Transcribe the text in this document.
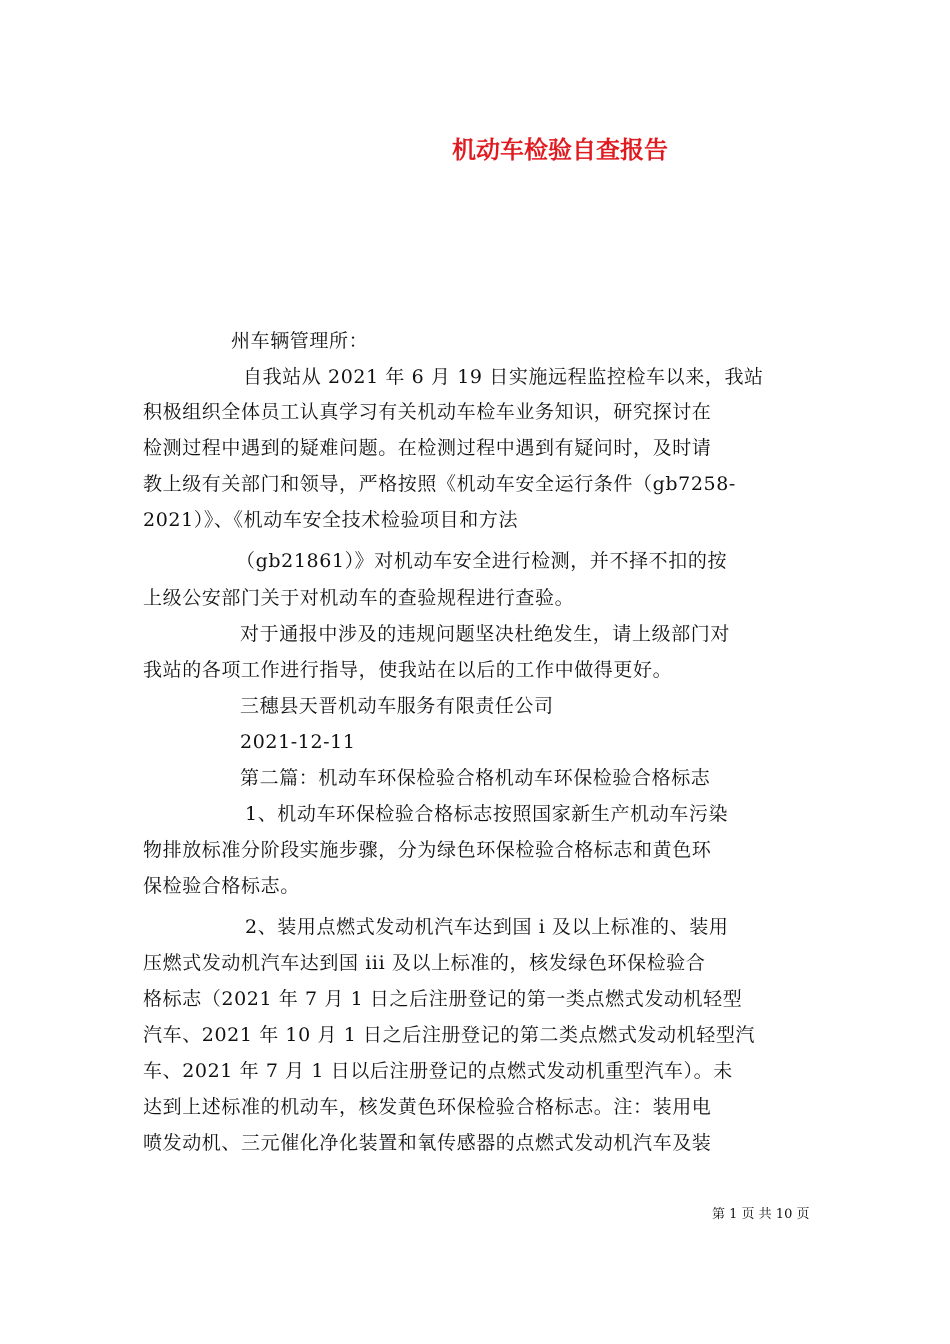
机动车检验自查报告
州车辆管理所：
自我站从 2021 年 6 月 19 日实施远程监控检车以来，我站
积极组织全体员工认真学习有关机动车检车业务知识，研究探讨在
检测过程中遇到的疑难问题。在检测过程中遇到有疑问时，及时请
教上级有关部门和领导，严格按照《机动车安全运行条件（gb7258-
2021）》、《机动车安全技术检验项目和方法
（gb21861）》对机动车安全进行检测，并不择不扣的按
上级公安部门关于对机动车的查验规程进行查验。
对于通报中涉及的违规问题坚决杜绝发生，请上级部门对
我站的各项工作进行指导，使我站在以后的工作中做得更好。
三穗县天晋机动车服务有限责任公司
2021-12-11
第二篇：机动车环保检验合格机动车环保检验合格标志
1、机动车环保检验合格标志按照国家新生产机动车污染
物排放标准分阶段实施步骤，分为绿色环保检验合格标志和黄色环
保检验合格标志。
2、装用点燃式发动机汽车达到国 i 及以上标准的、装用
压燃式发动机汽车达到国 iii 及以上标准的，核发绿色环保检验合
格标志（2021 年 7 月 1 日之后注册登记的第一类点燃式发动机轻型
汽车、2021 年 10 月 1 日之后注册登记的第二类点燃式发动机轻型汽
车、2021 年 7 月 1 日以后注册登记的点燃式发动机重型汽车）。未
达到上述标准的机动车，核发黄色环保检验合格标志。注：装用电
喷发动机、三元催化净化装置和氧传感器的点燃式发动机汽车及装
第 1 页 共 10 页
